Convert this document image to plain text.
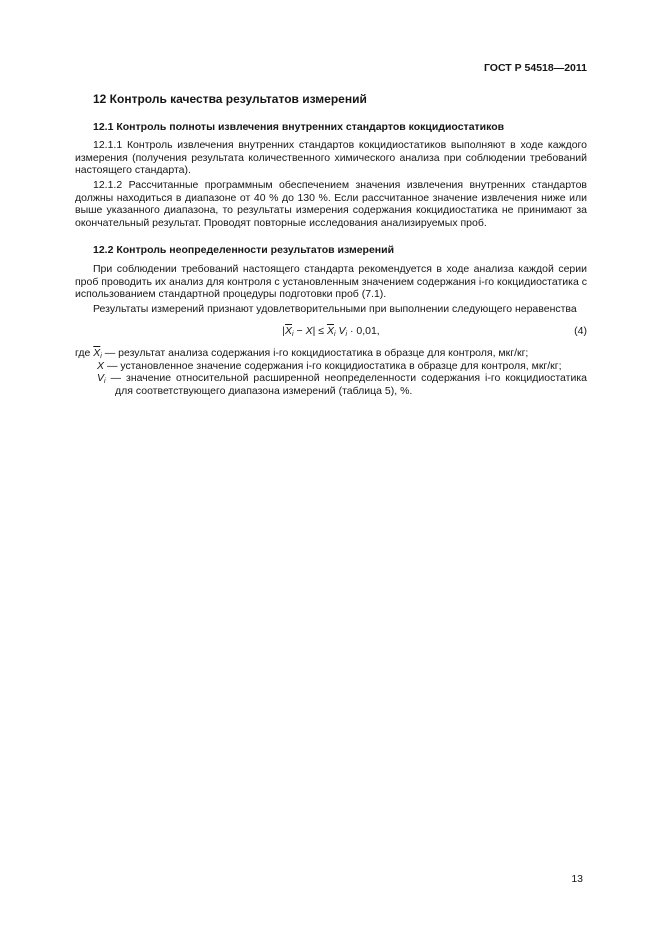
ГОСТ Р 54518—2011
12 Контроль качества результатов измерений
12.1 Контроль полноты извлечения внутренних стандартов кокцидиостатиков

12.1.1 Контроль извлечения внутренних стандартов кокцидиостатиков выполняют в ходе каждого измерения (получения результата количественного химического анализа при соблюдении требований настоящего стандарта).

12.1.2 Рассчитанные программным обеспечением значения извлечения внутренних стандартов должны находиться в диапазоне от 40 % до 130 %. Если рассчитанное значение извлечения ниже или выше указанного диапазона, то результаты измерения содержания кокцидиостатика не принимают за окончательный результат. Проводят повторные исследования анализируемых проб.

12.2 Контроль неопределенности результатов измерений

При соблюдении требований настоящего стандарта рекомендуется в ходе анализа каждой серии проб проводить их анализ для контроля с установленным значением содержания i-го кокцидиостатика с использованием стандартной процедуры подготовки проб (7.1).

Результаты измерений признают удовлетворительными при выполнении следующего неравенства

$|\overline{X}_i - X| \le \overline{X}_i$ $V_i \cdot 0,01$,	(4)
где $\overline{X}_i$ — результат анализа содержания i-го кокцидиостатика в образце для контроля, мкг/кг;
X — установленное значение содержания i-го кокцидиостатика в образце для контроля, мкг/кг;
$V_i$ — значение относительной расширенной неопределенности содержания i-го кокцидиостатика для соответствующего диапазона измерений (таблица 5), %.
13
